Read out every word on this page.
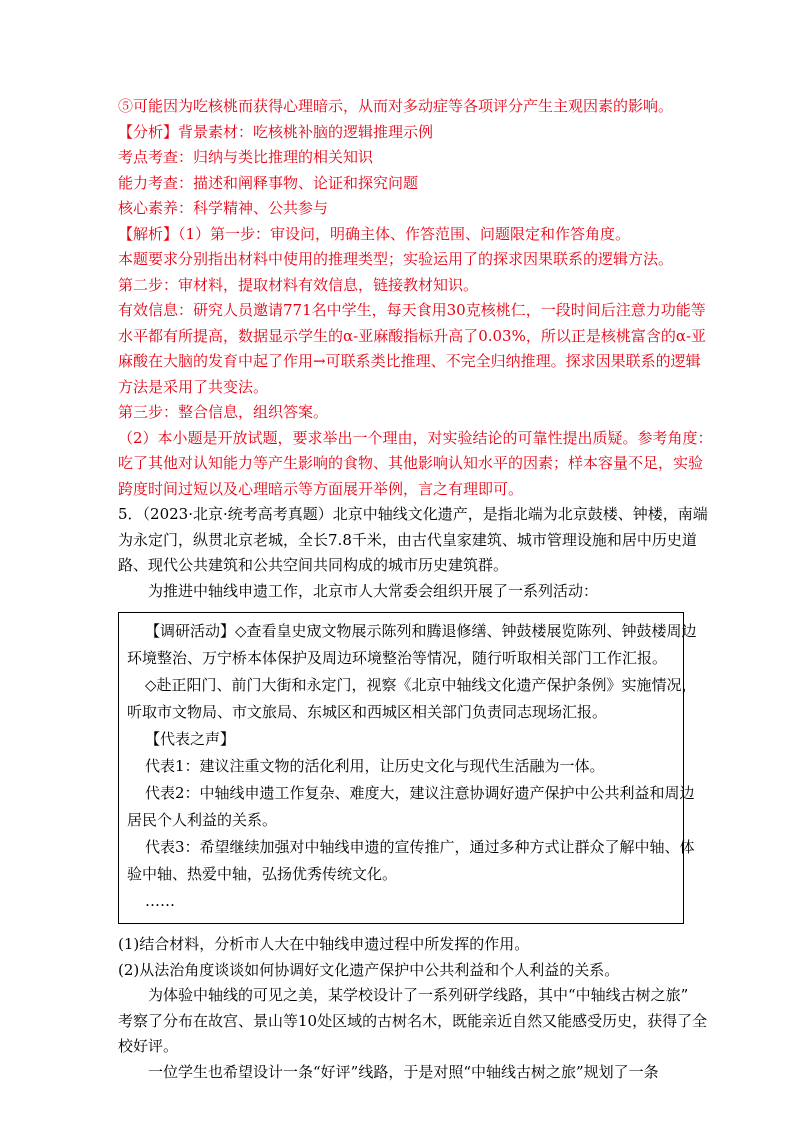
⑤可能因为吃核桃而获得心理暗示，从而对多动症等各项评分产生主观因素的影响。
【分析】背景素材：吃核桃补脑的逻辑推理示例
考点考查：归纳与类比推理的相关知识
能力考查：描述和阐释事物、论证和探究问题
核心素养：科学精神、公共参与
【解析】（1）第一步：审设问，明确主体、作答范围、问题限定和作答角度。
本题要求分别指出材料中使用的推理类型；实验运用了的探求因果联系的逻辑方法。
第二步：审材料，提取材料有效信息，链接教材知识。
有效信息：研究人员邀请771名中学生，每天食用30克核桃仁，一段时间后注意力功能等
水平都有所提高，数据显示学生的α-亚麻酸指标升高了0.03%，所以正是核桃富含的α-亚
麻酸在大脑的发育中起了作用→可联系类比推理、不完全归纳推理。探求因果联系的逻辑
方法是采用了共变法。
第三步：整合信息，组织答案。
（2）本小题是开放试题，要求举出一个理由，对实验结论的可靠性提出质疑。参考角度：
吃了其他对认知能力等产生影响的食物、其他影响认知水平的因素；样本容量不足，实验
跨度时间过短以及心理暗示等方面展开举例，言之有理即可。
5．（2023·北京·统考高考真题）北京中轴线文化遗产，是指北端为北京鼓楼、钟楼，南端
为永定门，纵贯北京老城，全长7.8千米，由古代皇家建筑、城市管理设施和居中历史道
路、现代公共建筑和公共空间共同构成的城市历史建筑群。
为推进中轴线申遗工作，北京市人大常委会组织开展了一系列活动：
【调研活动】◇查看皇史宬文物展示陈列和腾退修缮、钟鼓楼展览陈列、钟鼓楼周边
环境整治、万宁桥本体保护及周边环境整治等情况，随行听取相关部门工作汇报。
◇赴正阳门、前门大街和永定门，视察《北京中轴线文化遗产保护条例》实施情况，
听取市文物局、市文旅局、东城区和西城区相关部门负责同志现场汇报。
【代表之声】
代表1：建议注重文物的活化利用，让历史文化与现代生活融为一体。
代表2：中轴线申遗工作复杂、难度大，建议注意协调好遗产保护中公共利益和周边
居民个人利益的关系。
代表3：希望继续加强对中轴线申遗的宣传推广，通过多种方式让群众了解中轴、体
验中轴、热爱中轴，弘扬优秀传统文化。
……
(1)结合材料，分析市人大在中轴线申遗过程中所发挥的作用。
(2)从法治角度谈谈如何协调好文化遗产保护中公共利益和个人利益的关系。
为体验中轴线的可见之美，某学校设计了一系列研学线路，其中“中轴线古树之旅”
考察了分布在故宫、景山等10处区域的古树名木，既能亲近自然又能感受历史，获得了全
校好评。
一位学生也希望设计一条“好评”线路，于是对照“中轴线古树之旅”规划了一条
